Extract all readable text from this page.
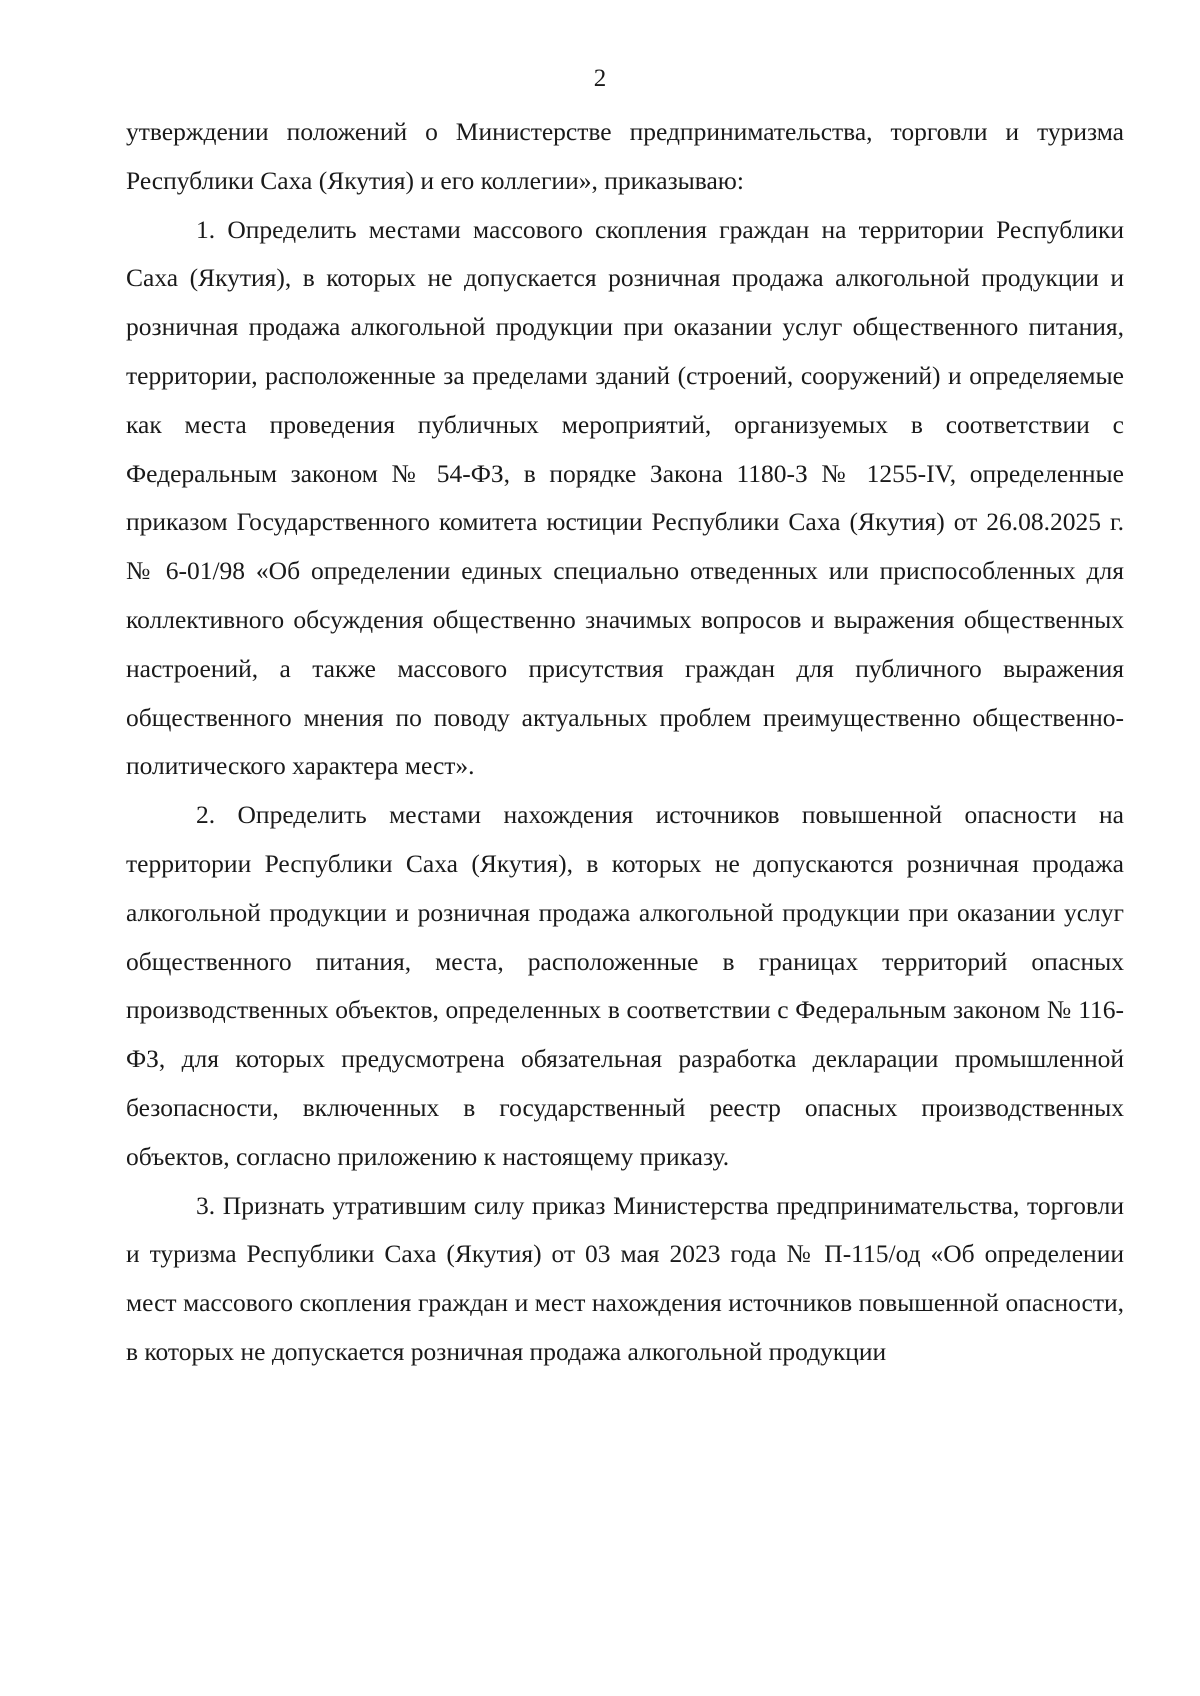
2

утверждении положений о Министерстве предпринимательства, торговли и туризма Республики Саха (Якутия) и его коллегии», приказываю:

1. Определить местами массового скопления граждан на территории Республики Саха (Якутия), в которых не допускается розничная продажа алкогольной продукции и розничная продажа алкогольной продукции при оказании услуг общественного питания, территории, расположенные за пределами зданий (строений, сооружений) и определяемые как места проведения публичных мероприятий, организуемых в соответствии с Федеральным законом № 54-ФЗ, в порядке Закона 1180-З № 1255-IV, определенные приказом Государственного комитета юстиции Республики Саха (Якутия) от 26.08.2025 г. № 6-01/98 «Об определении единых специально отведенных или приспособленных для коллективного обсуждения общественно значимых вопросов и выражения общественных настроений, а также массового присутствия граждан для публичного выражения общественного мнения по поводу актуальных проблем преимущественно общественно-политического характера мест».

2. Определить местами нахождения источников повышенной опасности на территории Республики Саха (Якутия), в которых не допускаются розничная продажа алкогольной продукции и розничная продажа алкогольной продукции при оказании услуг общественного питания, места, расположенные в границах территорий опасных производственных объектов, определенных в соответствии с Федеральным законом № 116-ФЗ, для которых предусмотрена обязательная разработка декларации промышленной безопасности, включенных в государственный реестр опасных производственных объектов, согласно приложению к настоящему приказу.

3. Признать утратившим силу приказ Министерства предпринимательства, торговли и туризма Республики Саха (Якутия) от 03 мая 2023 года № П-115/од «Об определении мест массового скопления граждан и мест нахождения источников повышенной опасности, в которых не допускается розничная продажа алкогольной продукции
